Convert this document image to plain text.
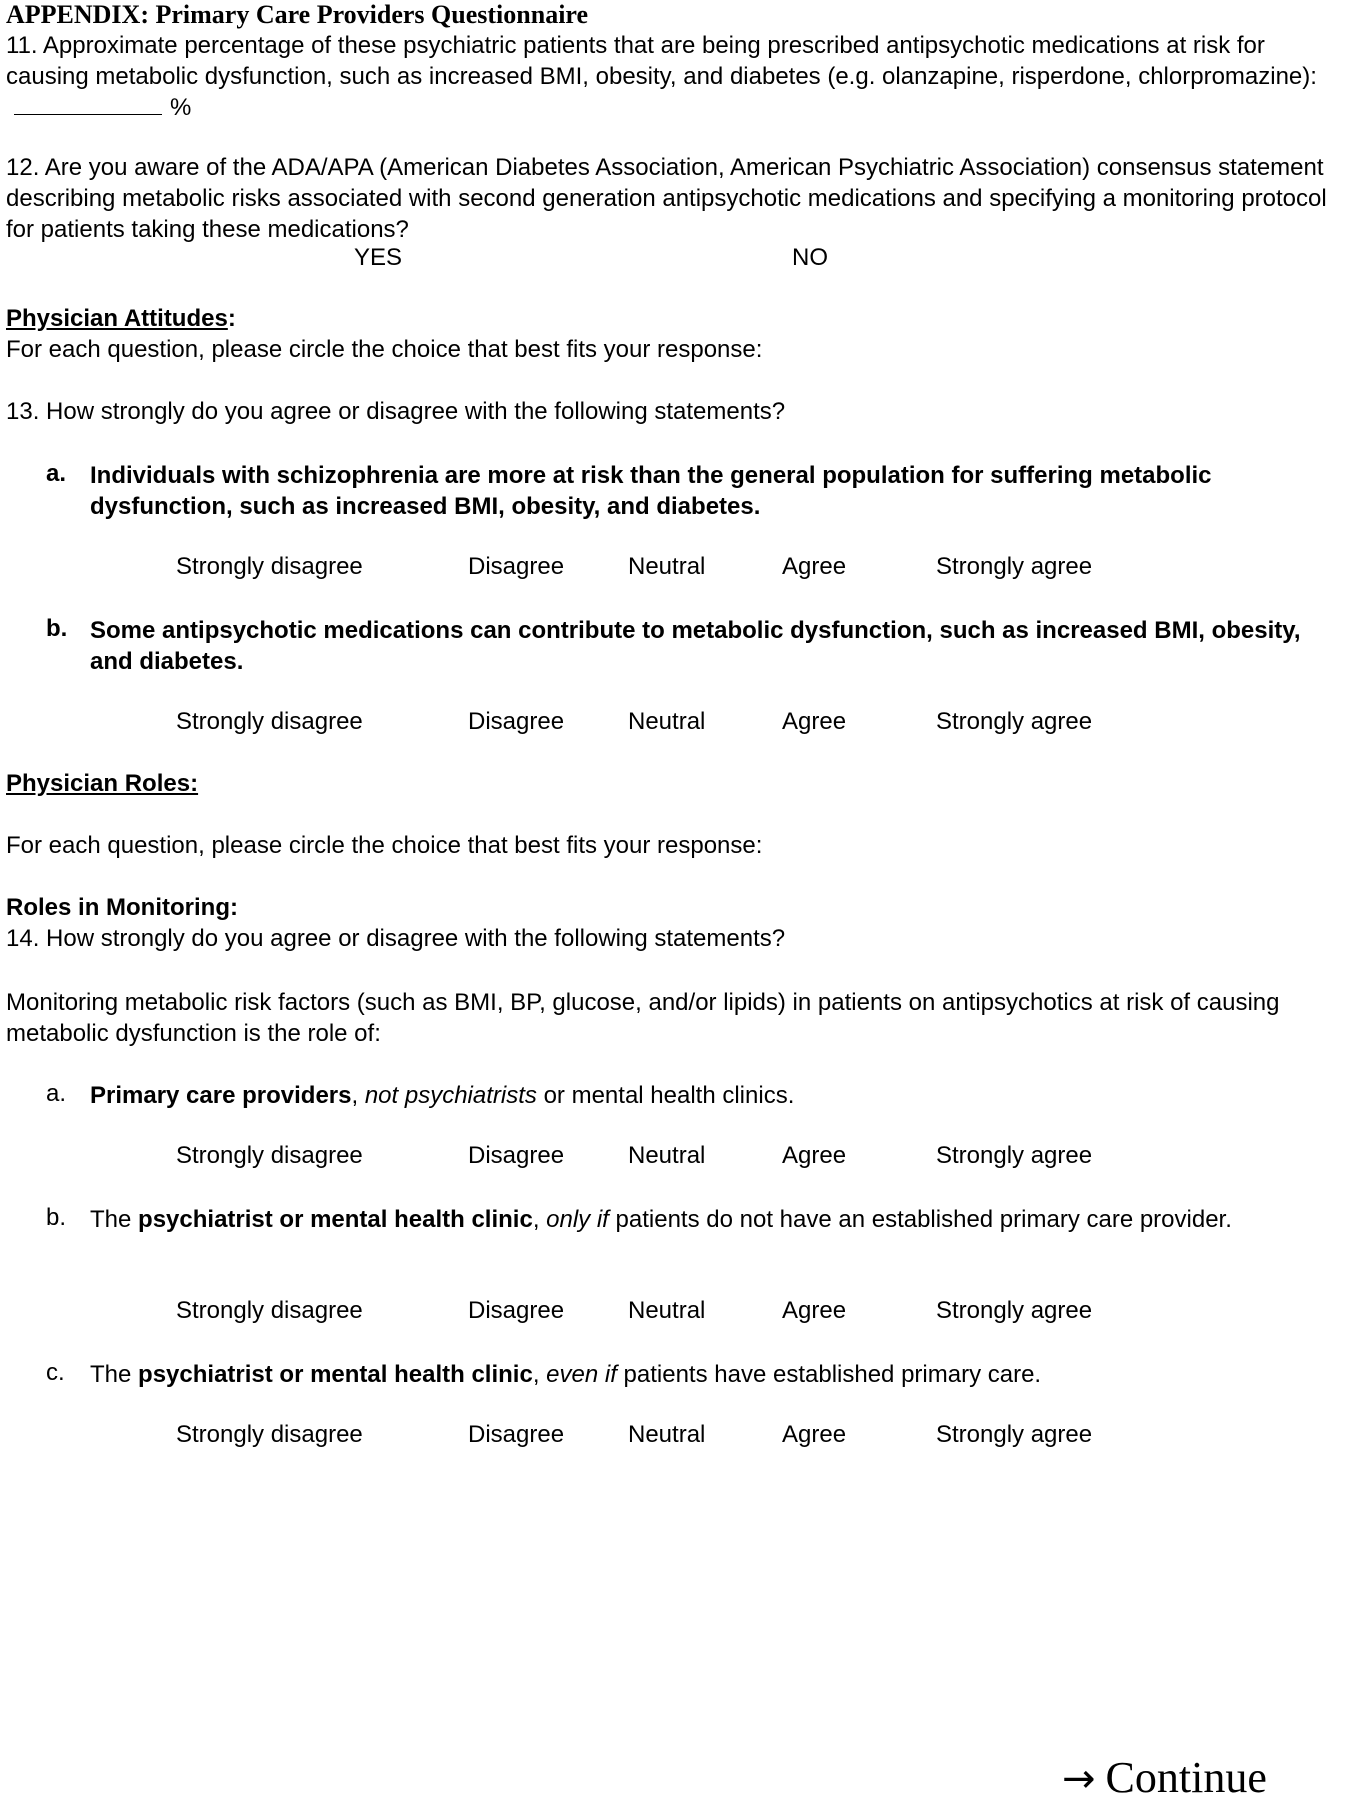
APPENDIX: Primary Care Providers Questionnaire

11. Approximate percentage of these psychiatric patients that are being prescribed antipsychotic medications at risk for causing metabolic dysfunction, such as increased BMI, obesity, and diabetes (e.g. olanzapine, risperdone, chlorpromazine):%

12. Are you aware of the ADA/APA (American Diabetes Association, American Psychiatric Association) consensus statement describing metabolic risks associated with second generation antipsychotic medications and specifying a monitoring protocol for patients taking these medications?

YES	NO
Physician Attitudes:
For each question, please circle the choice that best fits your response:
13. How strongly do you agree or disagree with the following statements?
a. Individuals with schizophrenia are more at risk than the general population for suffering metabolic dysfunction, such as increased BMI, obesity, and diabetes.

Strongly disagree	Disagree	Neutral	Agree	Strongly agree
b. Some antipsychotic medications can contribute to metabolic dysfunction, such as increased BMI, obesity, and diabetes.

Strongly disagree	Disagree	Neutral	Agree	Strongly agree
Physician Roles:
For each question, please circle the choice that best fits your response:
Roles in Monitoring:
14. How strongly do you agree or disagree with the following statements?

Monitoring metabolic risk factors (such as BMI, BP, glucose, and/or lipids) in patients on antipsychotics at risk of causing metabolic dysfunction is the role of:

a. Primary care providers, not psychiatrists or mental health clinics.

Strongly disagree	Disagree	Neutral	Agree	Strongly agree
b. The psychiatrist or mental health clinic, only if patients do not have an established primary care provider.

Strongly disagree	Disagree	Neutral	Agree	Strongly agree
c. The psychiatrist or mental health clinic, even if patients have established primary care.

Strongly disagree	Disagree	Neutral	Agree	Strongly agree
→ Continue
